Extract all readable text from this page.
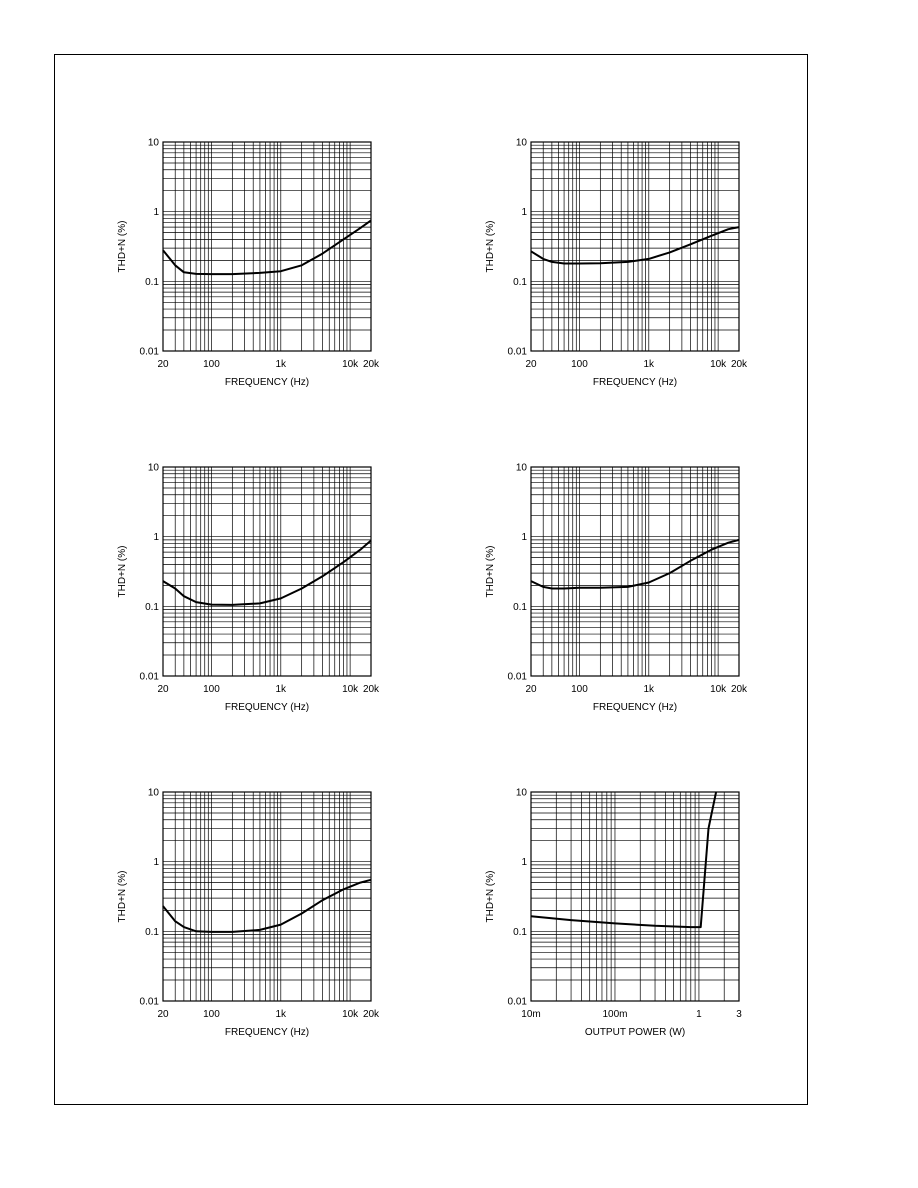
0.01
0.1
1
10
20	100	1k	10k 20k
FREQUENCY (Hz)
THD+N (%)
0.01
0.1
1
10
20	100	1k	10k 20k
FREQUENCY (Hz)
THD+N (%)
0.01
0.1
1
10
20	100	1k	10k 20k
FREQUENCY (Hz)
THD+N (%)
0.01
0.1
1
10
20	100	1k	10k 20k
FREQUENCY (Hz)
THD+N (%)
0.01
0.1
1
10
20	100	1k	10k 20k
FREQUENCY (Hz)
THD+N (%)
0.01
0.1
1
10
10m	100m	1	3
OUTPUT POWER (W)
THD+N (%)
